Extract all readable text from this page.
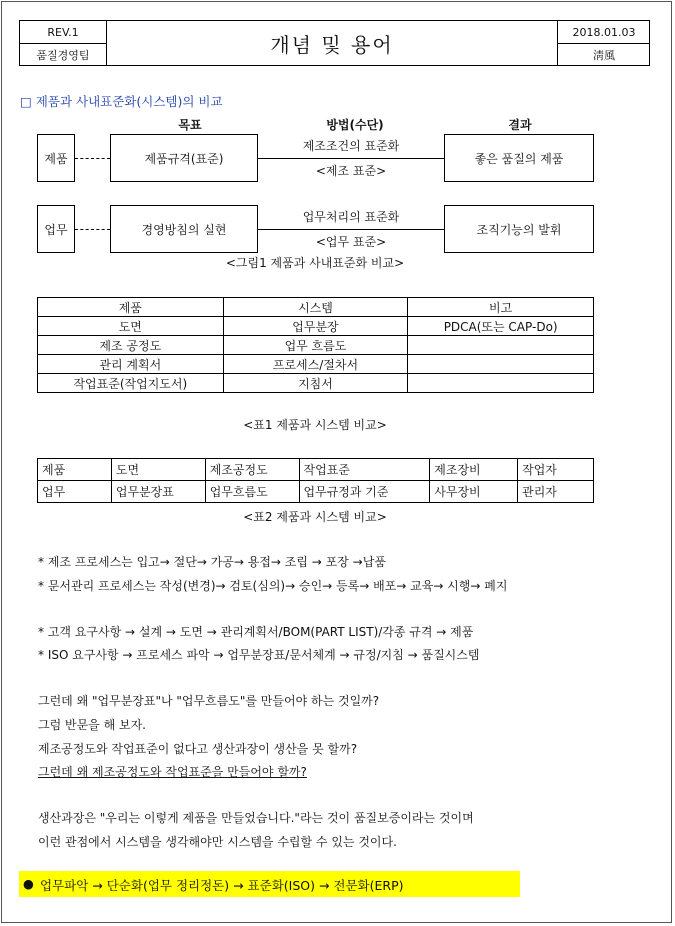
REV.1
품질경영팀	개념 및 용어
2018.01.03
淸風
□ 제품과 사내표준화(시스템)의 비교
목표	방법(수단)	결과
제품	제품규격(표준)
제조조건의 표준화
<제조 표준>
좋은 품질의 제품
업무	경영방침의 실현
업무처리의 표준화
<업무 표준>
조직기능의 발휘
<그림1 제품과 사내표준화 비교>
제품	시스템	비고
도면	업무분장	PDCA(또는 CAP-Do)
제조 공정도	업무 흐름도	
관리 계획서	프로세스/절차서	
작업표준(작업지도서)	지침서	
<표1 제품과 시스템 비교>
제품	도면	제조공정도	작업표준	제조장비	작업자
업무	업무분장표	업무흐름도	업무규정과 기준	사무장비	관리자
<표2 제품과 시스템 비교>
* 제조 프로세스는 입고→ 절단→ 가공→ 용접→ 조립 → 포장 →납품
* 문서관리 프로세스는 작성(변경)→ 검토(심의)→ 승인→ 등록→ 배포→ 교육→ 시행→ 폐지
* 고객 요구사항 → 설계 → 도면 → 관리계획서/BOM(PART LIST)/각종 규격 → 제품
* ISO 요구사항 → 프로세스 파악 → 업무분장표/문서체계 → 규정/지침 → 품질시스템
그런데 왜 "업무분장표"나 "업무흐름도"를 만들어야 하는 것일까?
그럼 반문을 해 보자.
제조공정도와 작업표준이 없다고 생산과장이 생산을 못 할까?
그런데 왜 제조공정도와 작업표준을 만들어야 할까?
생산과장은 "우리는 이렇게 제품을 만들었습니다."라는 것이 품질보증이라는 것이며
이런 관점에서 시스템을 생각해야만 시스템을 수립할 수 있는 것이다.
● 업무파악 → 단순화(업무 정리정돈) → 표준화(ISO) → 전문화(ERP)
